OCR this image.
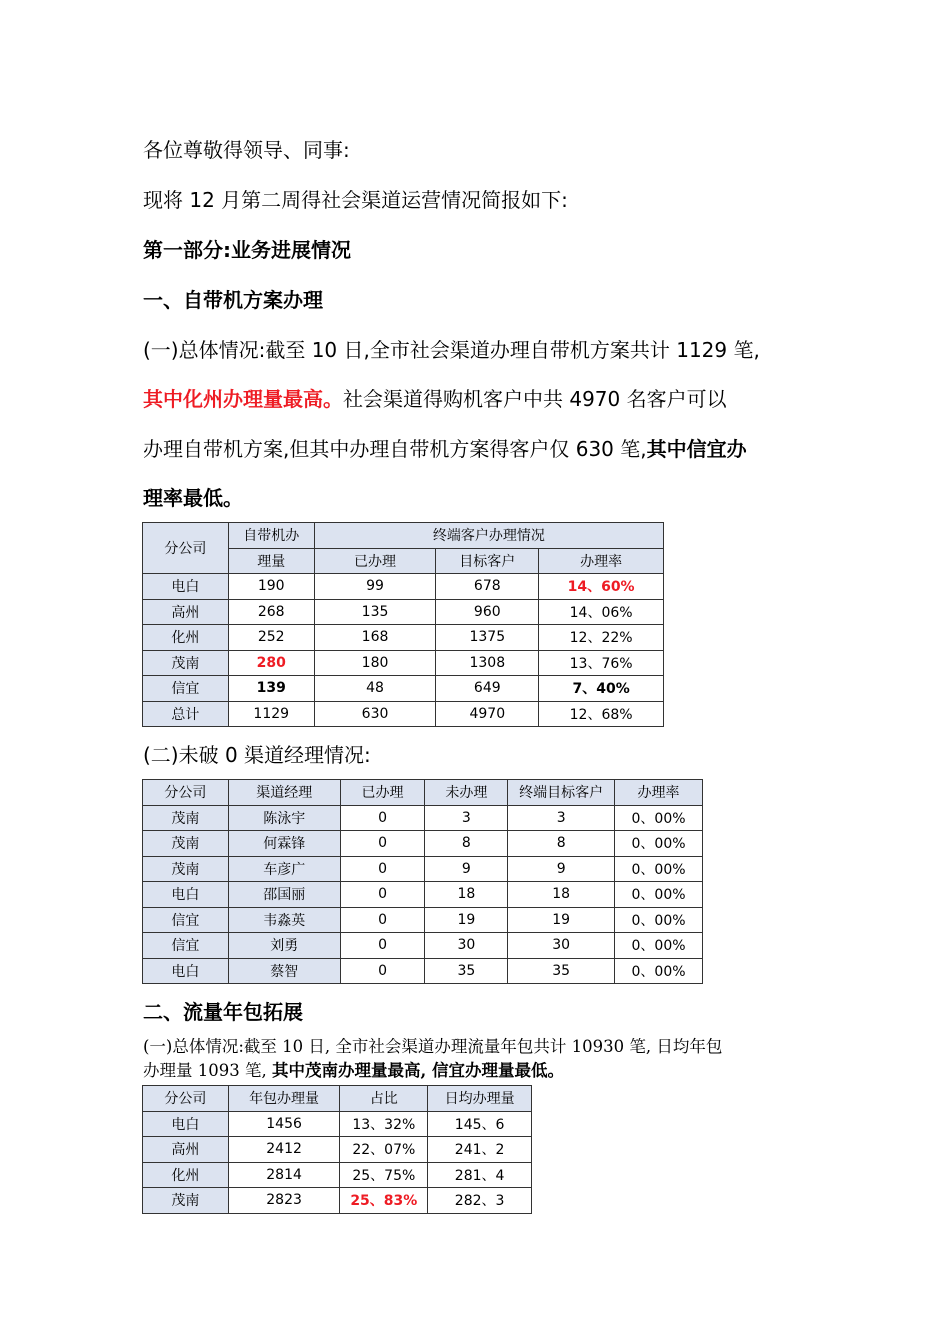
各位尊敬得领导、同事:
现将 12 月第二周得社会渠道运营情况简报如下:
第一部分:业务进展情况
一、自带机方案办理
(一)总体情况:截至 10 日,全市社会渠道办理自带机方案共计 1129 笔,
其中化州办理量最高。社会渠道得购机客户中共 4970 名客户可以
办理自带机方案,但其中办理自带机方案得客户仅 630 笔,其中信宜办
理率最低。
分公司	自带机办	终端客户办理情况		
	理量	已办理	目标客户	办理率
电白	190	99	678	14、60%
高州	268	135	960	14、06%
化州	252	168	1375	12、22%
茂南	280	180	1308	13、76%
信宜	139	48	649	7、40%
总计	1129	630	4970	12、68%
(二)未破 0 渠道经理情况:
分公司	渠道经理	已办理	未办理	终端目标客户	办理率
茂南	陈泳宇	0	3	3	0、00%
茂南	何霖锋	0	8	8	0、00%
茂南	车彦广	0	9	9	0、00%
电白	邵国丽	0	18	18	0、00%
信宜	韦淼英	0	19	19	0、00%
信宜	刘勇	0	30	30	0、00%
电白	蔡智	0	35	35	0、00%
二、流量年包拓展
(一)总体情况:截至 10 日, 全市社会渠道办理流量年包共计 10930 笔, 日均年包
办理量 1093 笔, 其中茂南办理量最高, 信宜办理量最低。
分公司	年包办理量	占比	日均办理量
电白	1456	13、32%	145、6
高州	2412	22、07%	241、2
化州	2814	25、75%	281、4
茂南	2823	25、83%	282、3
